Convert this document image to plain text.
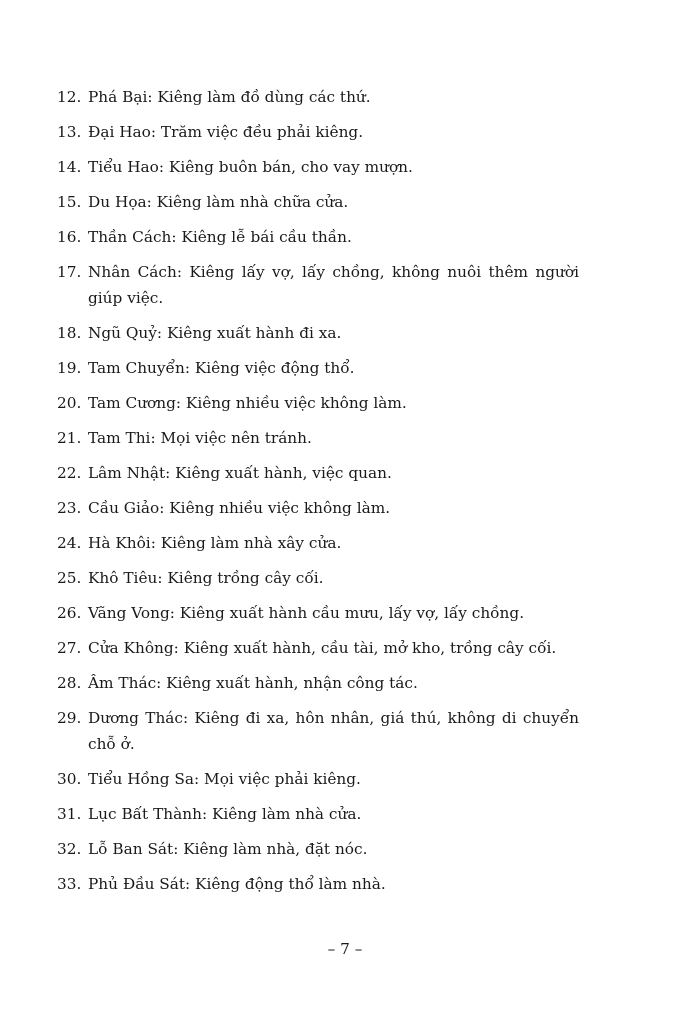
12. Phá Bại: Kiêng làm đồ dùng các thứ.
13. Đại Hao: Trăm việc đều phải kiêng.
14. Tiểu Hao: Kiêng buôn bán, cho vay mượn.
15. Du Họa: Kiêng làm nhà chữa cửa.
16. Thần Cách: Kiêng lễ bái cầu thần.
17. Nhân Cách: Kiêng lấy vợ, lấy chồng, không nuôi thêm người giúp việc.
18. Ngũ Quỷ: Kiêng xuất hành đi xa.
19. Tam Chuyển: Kiêng việc động thổ.
20. Tam Cương: Kiêng nhiều việc không làm.
21. Tam Thi: Mọi việc nên tránh.
22. Lâm Nhật: Kiêng xuất hành, việc quan.
23. Cầu Giảo: Kiêng nhiều việc không làm.
24. Hà Khôi: Kiêng làm nhà xây cửa.
25. Khô Tiêu: Kiêng trồng cây cối.
26. Vãng Vong: Kiêng xuất hành cầu mưu, lấy vợ, lấy chồng.
27. Cửa Không: Kiêng xuất hành, cầu tài, mở kho, trồng cây cối.
28. Âm Thác: Kiêng xuất hành, nhận công tác.
29. Dương Thác: Kiêng đi xa, hôn nhân, giá thú, không di chuyển chỗ ở.
30. Tiểu Hồng Sa: Mọi việc phải kiêng.
31. Lục Bất Thành: Kiêng làm nhà cửa.
32. Lỗ Ban Sát: Kiêng làm nhà, đặt nóc.
33. Phủ Đầu Sát: Kiêng động thổ làm nhà.
– 7 –
